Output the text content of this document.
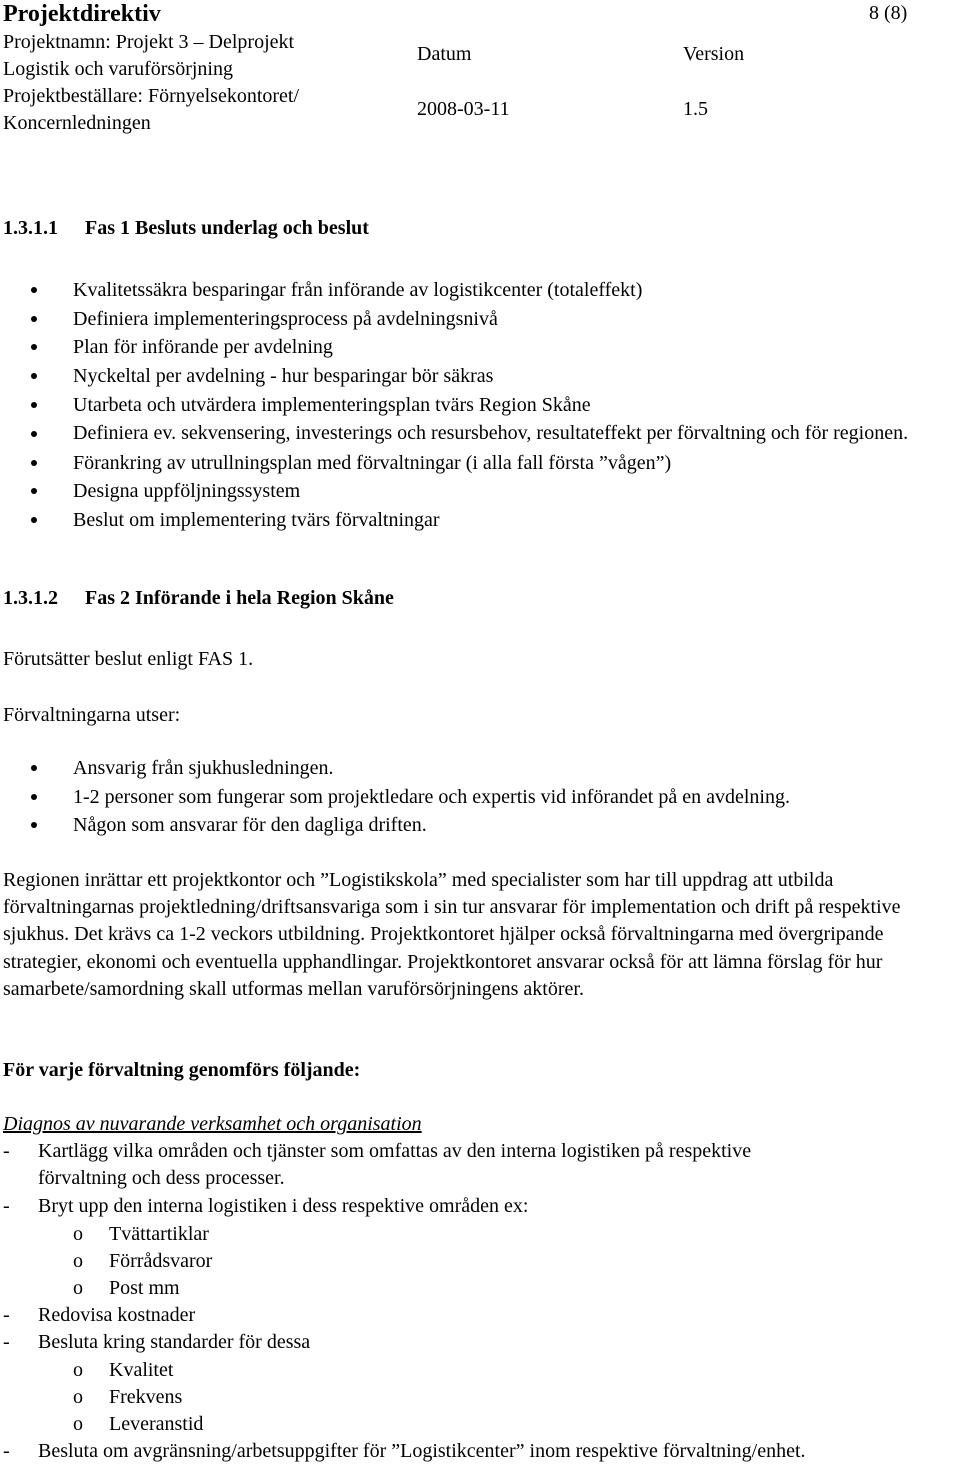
Projektdirektiv	8 (8)
Projektnamn: Projekt 3 – Delprojekt
Logistik och varuförsörjning
Projektbeställare: Förnyelsekontoret/
Koncernledningen
Datum	Version
2008-03-11	1.5
1.3.1.1 Fas 1 Besluts underlag och beslut
Kvalitetssäkra besparingar från införande av logistikcenter (totaleffekt)
Definiera implementeringsprocess på avdelningsnivå
Plan för införande per avdelning
Nyckeltal per avdelning - hur besparingar bör säkras
Utarbeta och utvärdera implementeringsplan tvärs Region Skåne
Definiera ev. sekvensering, investerings och resursbehov, resultateffekt per förvaltning och för regionen.
Förankring av utrullningsplan med förvaltningar (i alla fall första ”vågen”)
Designa uppföljningssystem
Beslut om implementering tvärs förvaltningar
1.3.1.2 Fas 2 Införande i hela Region Skåne
Förutsätter beslut enligt FAS 1.
Förvaltningarna utser:
Ansvarig från sjukhusledningen.
1-2 personer som fungerar som projektledare och expertis vid införandet på en avdelning.
Någon som ansvarar för den dagliga driften.
Regionen inrättar ett projektkontor och ”Logistikskola” med specialister som har till uppdrag att utbilda förvaltningarnas projektledning/driftsansvariga som i sin tur ansvarar för implementation och drift på respektive sjukhus. Det krävs ca 1-2 veckors utbildning. Projektkontoret hjälper också förvaltningarna med övergripande strategier, ekonomi och eventuella upphandlingar. Projektkontoret ansvarar också för att lämna förslag för hur samarbete/samordning skall utformas mellan varuförsörjningens aktörer.
För varje förvaltning genomförs följande:
Diagnos av nuvarande verksamhet och organisation
- Kartlägg vilka områden och tjänster som omfattas av den interna logistiken på respektive
förvaltning och dess processer.
- Bryt upp den interna logistiken i dess respektive områden ex:
o Tvättartiklar
o Förrådsvaror
o Post mm
- Redovisa kostnader
- Besluta kring standarder för dessa
o Kvalitet
o Frekvens
o Leveranstid
- Besluta om avgränsning/arbetsuppgifter för ”Logistikcenter” inom respektive förvaltning/enhet.
